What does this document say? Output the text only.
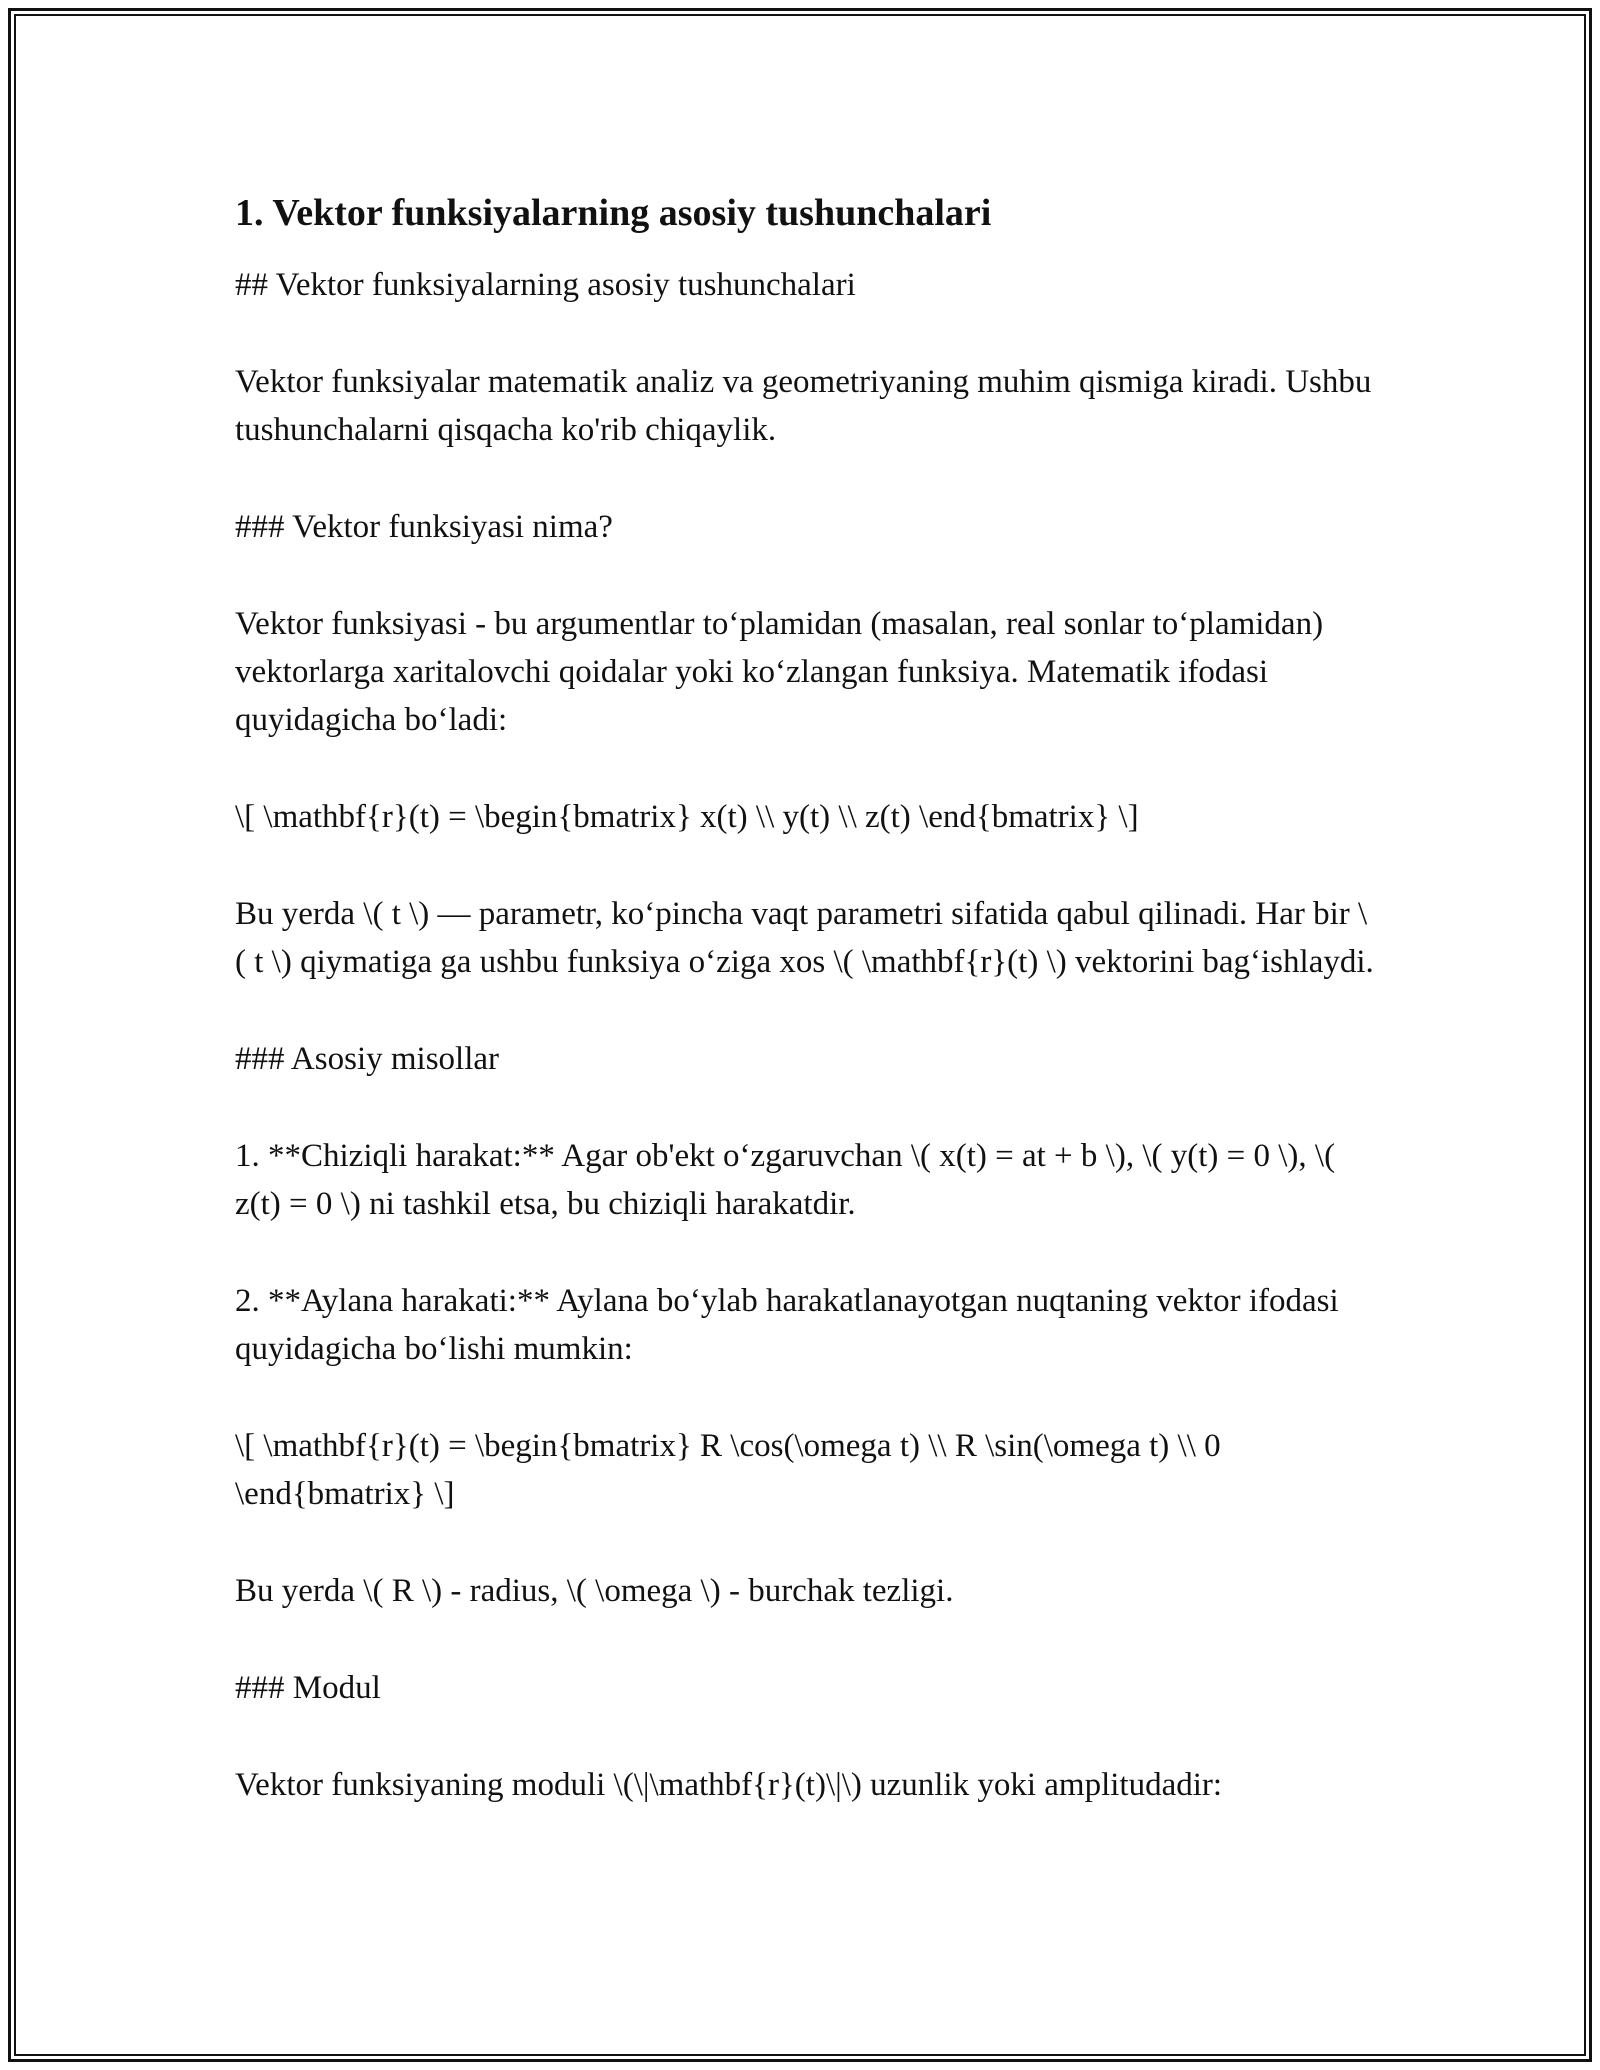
1. Vektor funksiyalarning asosiy tushunchalari

## Vektor funksiyalarning asosiy tushunchalari

Vektor funksiyalar matematik analiz va geometriyaning muhim qismiga kiradi. Ushbu tushunchalarni qisqacha ko'rib chiqaylik.

### Vektor funksiyasi nima?

Vektor funksiyasi - bu argumentlar to‘plamidan (masalan, real sonlar to‘plamidan) vektorlarga xaritalovchi qoidalar yoki ko‘zlangan funksiya. Matematik ifodasi quyidagicha bo‘ladi:

\[ \mathbf{r}(t) = \begin{bmatrix} x(t) \\ y(t) \\ z(t) \end{bmatrix} \]

Bu yerda \( t \) — parametr, ko‘pincha vaqt parametri sifatida qabul qilinadi. Har bir \( t \) qiymatiga ga ushbu funksiya o‘ziga xos \( \mathbf{r}(t) \) vektorini bag‘ishlaydi.

### Asosiy misollar

1. **Chiziqli harakat:** Agar ob'ekt o‘zgaruvchan \( x(t) = at + b \), \( y(t) = 0 \), \( z(t) = 0 \) ni tashkil etsa, bu chiziqli harakatdir.

2. **Aylana harakati:** Aylana bo‘ylab harakatlanayotgan nuqtaning vektor ifodasi quyidagicha bo‘lishi mumkin:

\[ \mathbf{r}(t) = \begin{bmatrix} R \cos(\omega t) \\ R \sin(\omega t) \\ 0 \end{bmatrix} \]

Bu yerda \( R \) - radius, \( \omega \) - burchak tezligi.

### Modul

Vektor funksiyaning moduli \(\|\mathbf{r}(t)\|\) uzunlik yoki amplitudadir:
